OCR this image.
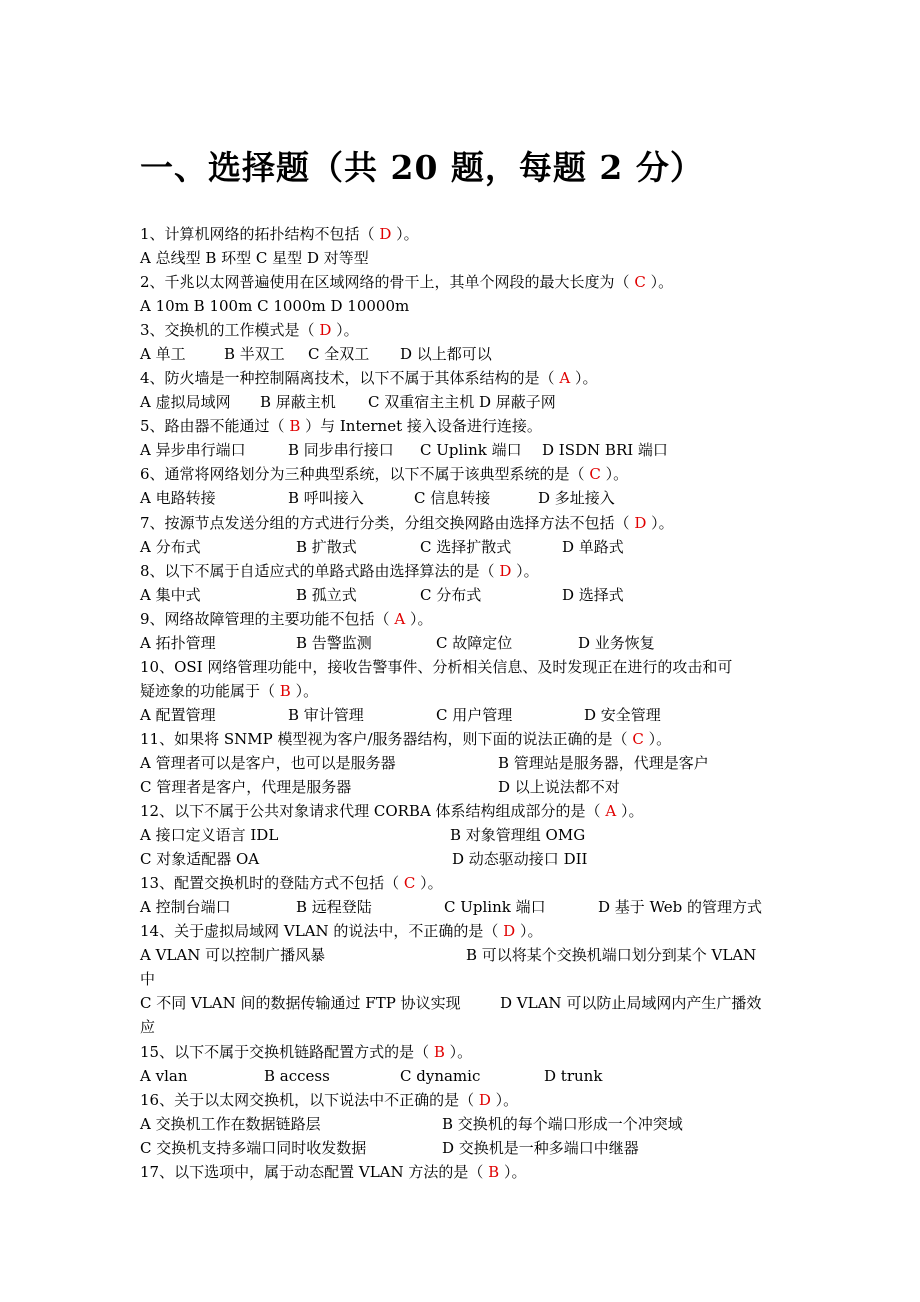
一、选择题（共 20 题，每题 2 分）
1、计算机网络的拓扑结构不包括（ D ）。
A 总线型 B 环型 C 星型 D 对等型
2、千兆以太网普遍使用在区域网络的骨干上，其单个网段的最大长度为（ C ）。
A 10m B 100m C 1000m D 10000m
3、交换机的工作模式是（ D ）。
A 单工	B 半双工 C 全双工 D 以上都可以
4、防火墙是一种控制隔离技术，以下不属于其体系结构的是（ A ）。
A 虚拟局域网 B 屏蔽主机 C 双重宿主主机 D 屏蔽子网
5、路由器不能通过（ B ）与 Internet 接入设备进行连接。
A 异步串行端口	B 同步串行接口 C Uplink 端口 D ISDN BRI 端口
6、通常将网络划分为三种典型系统，以下不属于该典型系统的是（ C ）。
A 电路转接	B 呼叫接入	C 信息转接	D 多址接入
7、按源节点发送分组的方式进行分类，分组交换网路由选择方法不包括（ D ）。
A 分布式	B 扩散式	C 选择扩散式	D 单路式
8、以下不属于自适应式的单路式路由选择算法的是（ D ）。
A 集中式	B 孤立式	C 分布式	D 选择式
9、网络故障管理的主要功能不包括（ A ）。
A 拓扑管理	B 告警监测	C 故障定位	D 业务恢复
10、OSI 网络管理功能中，接收告警事件、分析相关信息、及时发现正在进行的攻击和可
疑迹象的功能属于（ B ）。
A 配置管理	B 审计管理	C 用户管理	D 安全管理
11、如果将 SNMP 模型视为客户/服务器结构，则下面的说法正确的是（ C ）。
A 管理者可以是客户，也可以是服务器	B 管理站是服务器，代理是客户
C 管理者是客户，代理是服务器	D 以上说法都不对
12、以下不属于公共对象请求代理 CORBA 体系结构组成部分的是（ A ）。
A 接口定义语言 IDL	B 对象管理组 OMG
C 对象适配器 OA	D 动态驱动接口 DII
13、配置交换机时的登陆方式不包括（ C ）。
A 控制台端口	B 远程登陆	C Uplink 端口	D 基于 Web 的管理方式
14、关于虚拟局域网 VLAN 的说法中，不正确的是（ D ）。
A VLAN 可以控制广播风暴	B 可以将某个交换机端口划分到某个 VLAN
中
C 不同 VLAN 间的数据传输通过 FTP 协议实现	D VLAN 可以防止局域网内产生广播效
应
15、以下不属于交换机链路配置方式的是（ B ）。
A vlan	B access	C dynamic	D trunk
16、关于以太网交换机，以下说法中不正确的是（ D ）。
A 交换机工作在数据链路层	B 交换机的每个端口形成一个冲突域
C 交换机支持多端口同时收发数据	D 交换机是一种多端口中继器
17、以下选项中，属于动态配置 VLAN 方法的是（ B ）。
